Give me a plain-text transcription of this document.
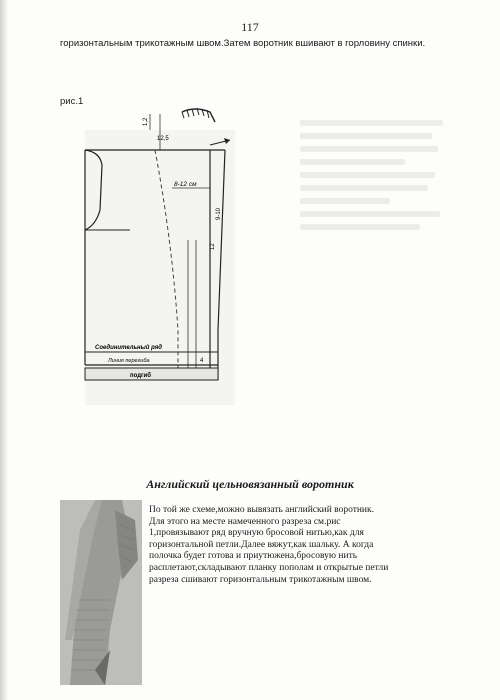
117
горизонтальным трикотажным швом.Затем воротник вшивают в горловину спинки.
рис.1
1,2
12,5
8-12 см
9-10
12
4
Соединительный ряд
Линия перегиба
подгиб
Английский цельновязанный воротник
По той же схеме,можно вывязать английский воротник.
Для этого на месте намеченного разреза см.рис
1,провязывают ряд вручную бросовой нитью,как для
горизонтальной петли.Далее вяжут,как шальку. А когда
полочка будет готова и приутюжена,бросовую нить
расплетают,складывают планку пополам и открытые петли
разреза сшивают горизонтальным трикотажным швом.
